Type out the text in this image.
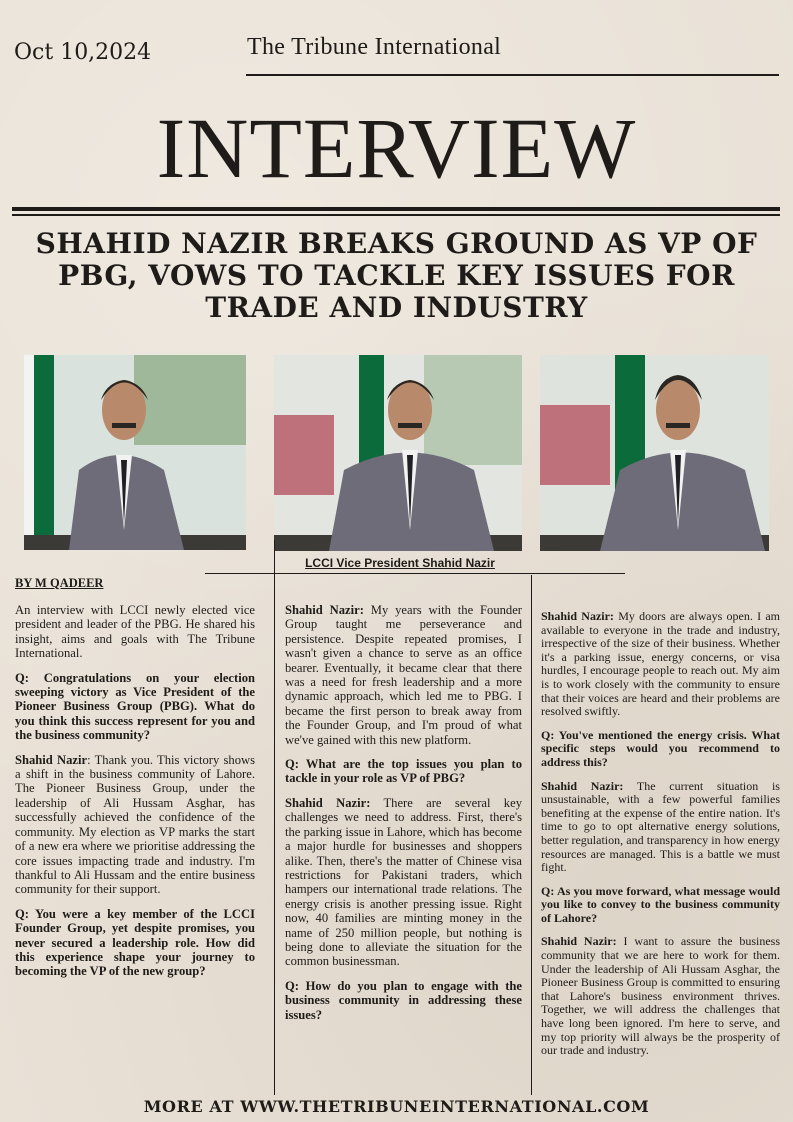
Oct 10,2024	The Tribune International
INTERVIEW
SHAHID NAZIR BREAKS GROUND AS VP OF PBG, VOWS TO TACKLE KEY ISSUES FOR TRADE AND INDUSTRY
LCCI Vice President Shahid Nazir
BY M QADEER

An interview with LCCI newly elected vice president and leader of the PBG. He shared his insight, aims and goals with The Tribune International.

Q: Congratulations on your election sweeping victory as Vice President of the Pioneer Business Group (PBG). What do you think this success represent for you and the business community?

Shahid Nazir: Thank you. This victory shows a shift in the business community of Lahore. The Pioneer Business Group, under the leadership of Ali Hussam Asghar, has successfully achieved the confidence of the community. My election as VP marks the start of a new era where we prioritise addressing the core issues impacting trade and industry. I'm thankful to Ali Hussam and the entire business community for their support.

Q: You were a key member of the LCCI Founder Group, yet despite promises, you never secured a leadership role. How did this experience shape your journey to becoming the VP of the new group?

Shahid Nazir: My years with the Founder Group taught me perseverance and persistence. Despite repeated promises, I wasn't given a chance to serve as an office bearer. Eventually, it became clear that there was a need for fresh leadership and a more dynamic approach, which led me to PBG. I became the first person to break away from the Founder Group, and I'm proud of what we've gained with this new platform.

Q: What are the top issues you plan to tackle in your role as VP of PBG?

Shahid Nazir: There are several key challenges we need to address. First, there's the parking issue in Lahore, which has become a major hurdle for businesses and shoppers alike. Then, there's the matter of Chinese visa restrictions for Pakistani traders, which hampers our international trade relations. The energy crisis is another pressing issue. Right now, 40 families are minting money in the name of 250 million people, but nothing is being done to alleviate the situation for the common businessman.

Q: How do you plan to engage with the business community in addressing these issues?

Shahid Nazir: My doors are always open. I am available to everyone in the trade and industry, irrespective of the size of their business. Whether it's a parking issue, energy concerns, or visa hurdles, I encourage people to reach out. My aim is to work closely with the community to ensure that their voices are heard and their problems are resolved swiftly.

Q: You've mentioned the energy crisis. What specific steps would you recommend to address this?

Shahid Nazir: The current situation is unsustainable, with a few powerful families benefiting at the expense of the entire nation. It's time to go to opt alternative energy solutions, better regulation, and transparency in how energy resources are managed. This is a battle we must fight.

Q: As you move forward, what message would you like to convey to the business community of Lahore?

Shahid Nazir: I want to assure the business community that we are here to work for them. Under the leadership of Ali Hussam Asghar, the Pioneer Business Group is committed to ensuring that Lahore's business environment thrives. Together, we will address the challenges that have long been ignored. I'm here to serve, and my top priority will always be the prosperity of our trade and industry.

MORE AT WWW.THETRIBUNEINTERNATIONAL.COM
